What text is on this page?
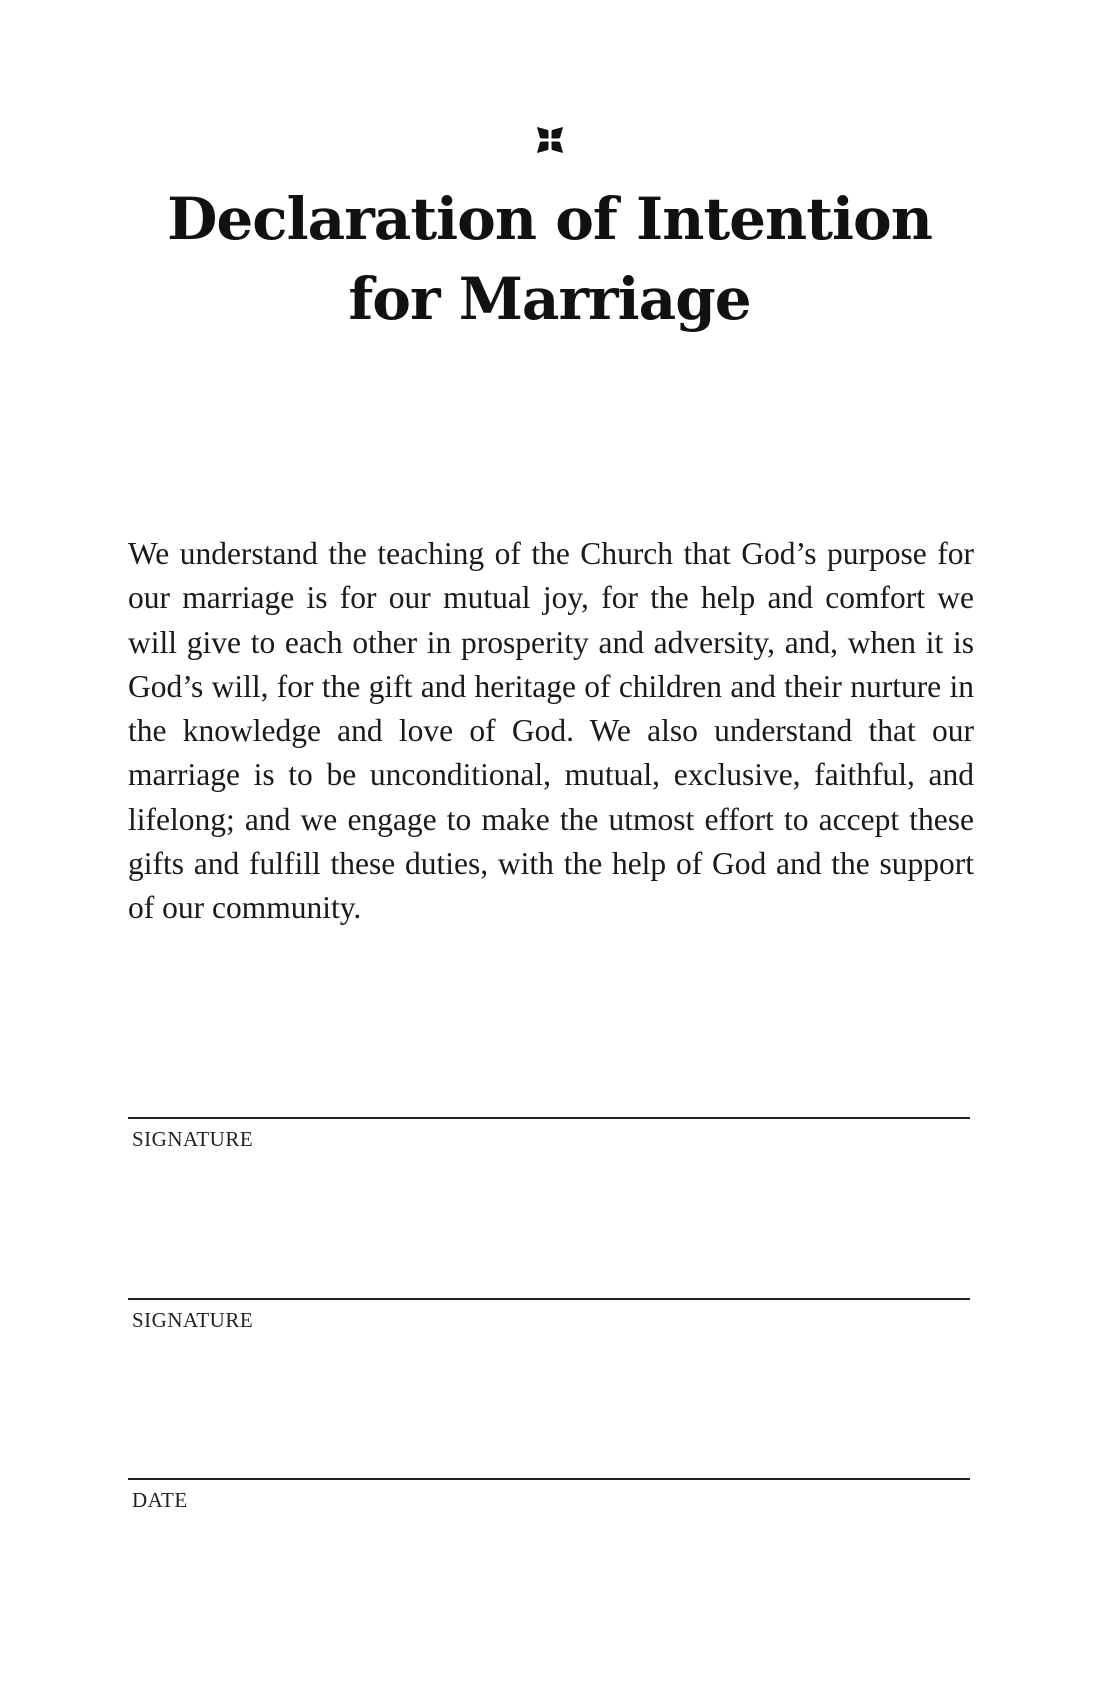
Declaration of Intention
for Marriage
We understand the teaching of the Church that God’s purpose for our marriage is for our mutual joy, for the help and comfort we will give to each other in prosperity and adversity, and, when it is God’s will, for the gift and heritage of children and their nurture in the knowledge and love of God. We also understand that our marriage is to be unconditional, mutual, exclusive, faithful, and lifelong; and we engage to make the utmost effort to accept these gifts and fulfill these duties, with the help of God and the support of our community.
SIGNATURE
SIGNATURE
DATE
